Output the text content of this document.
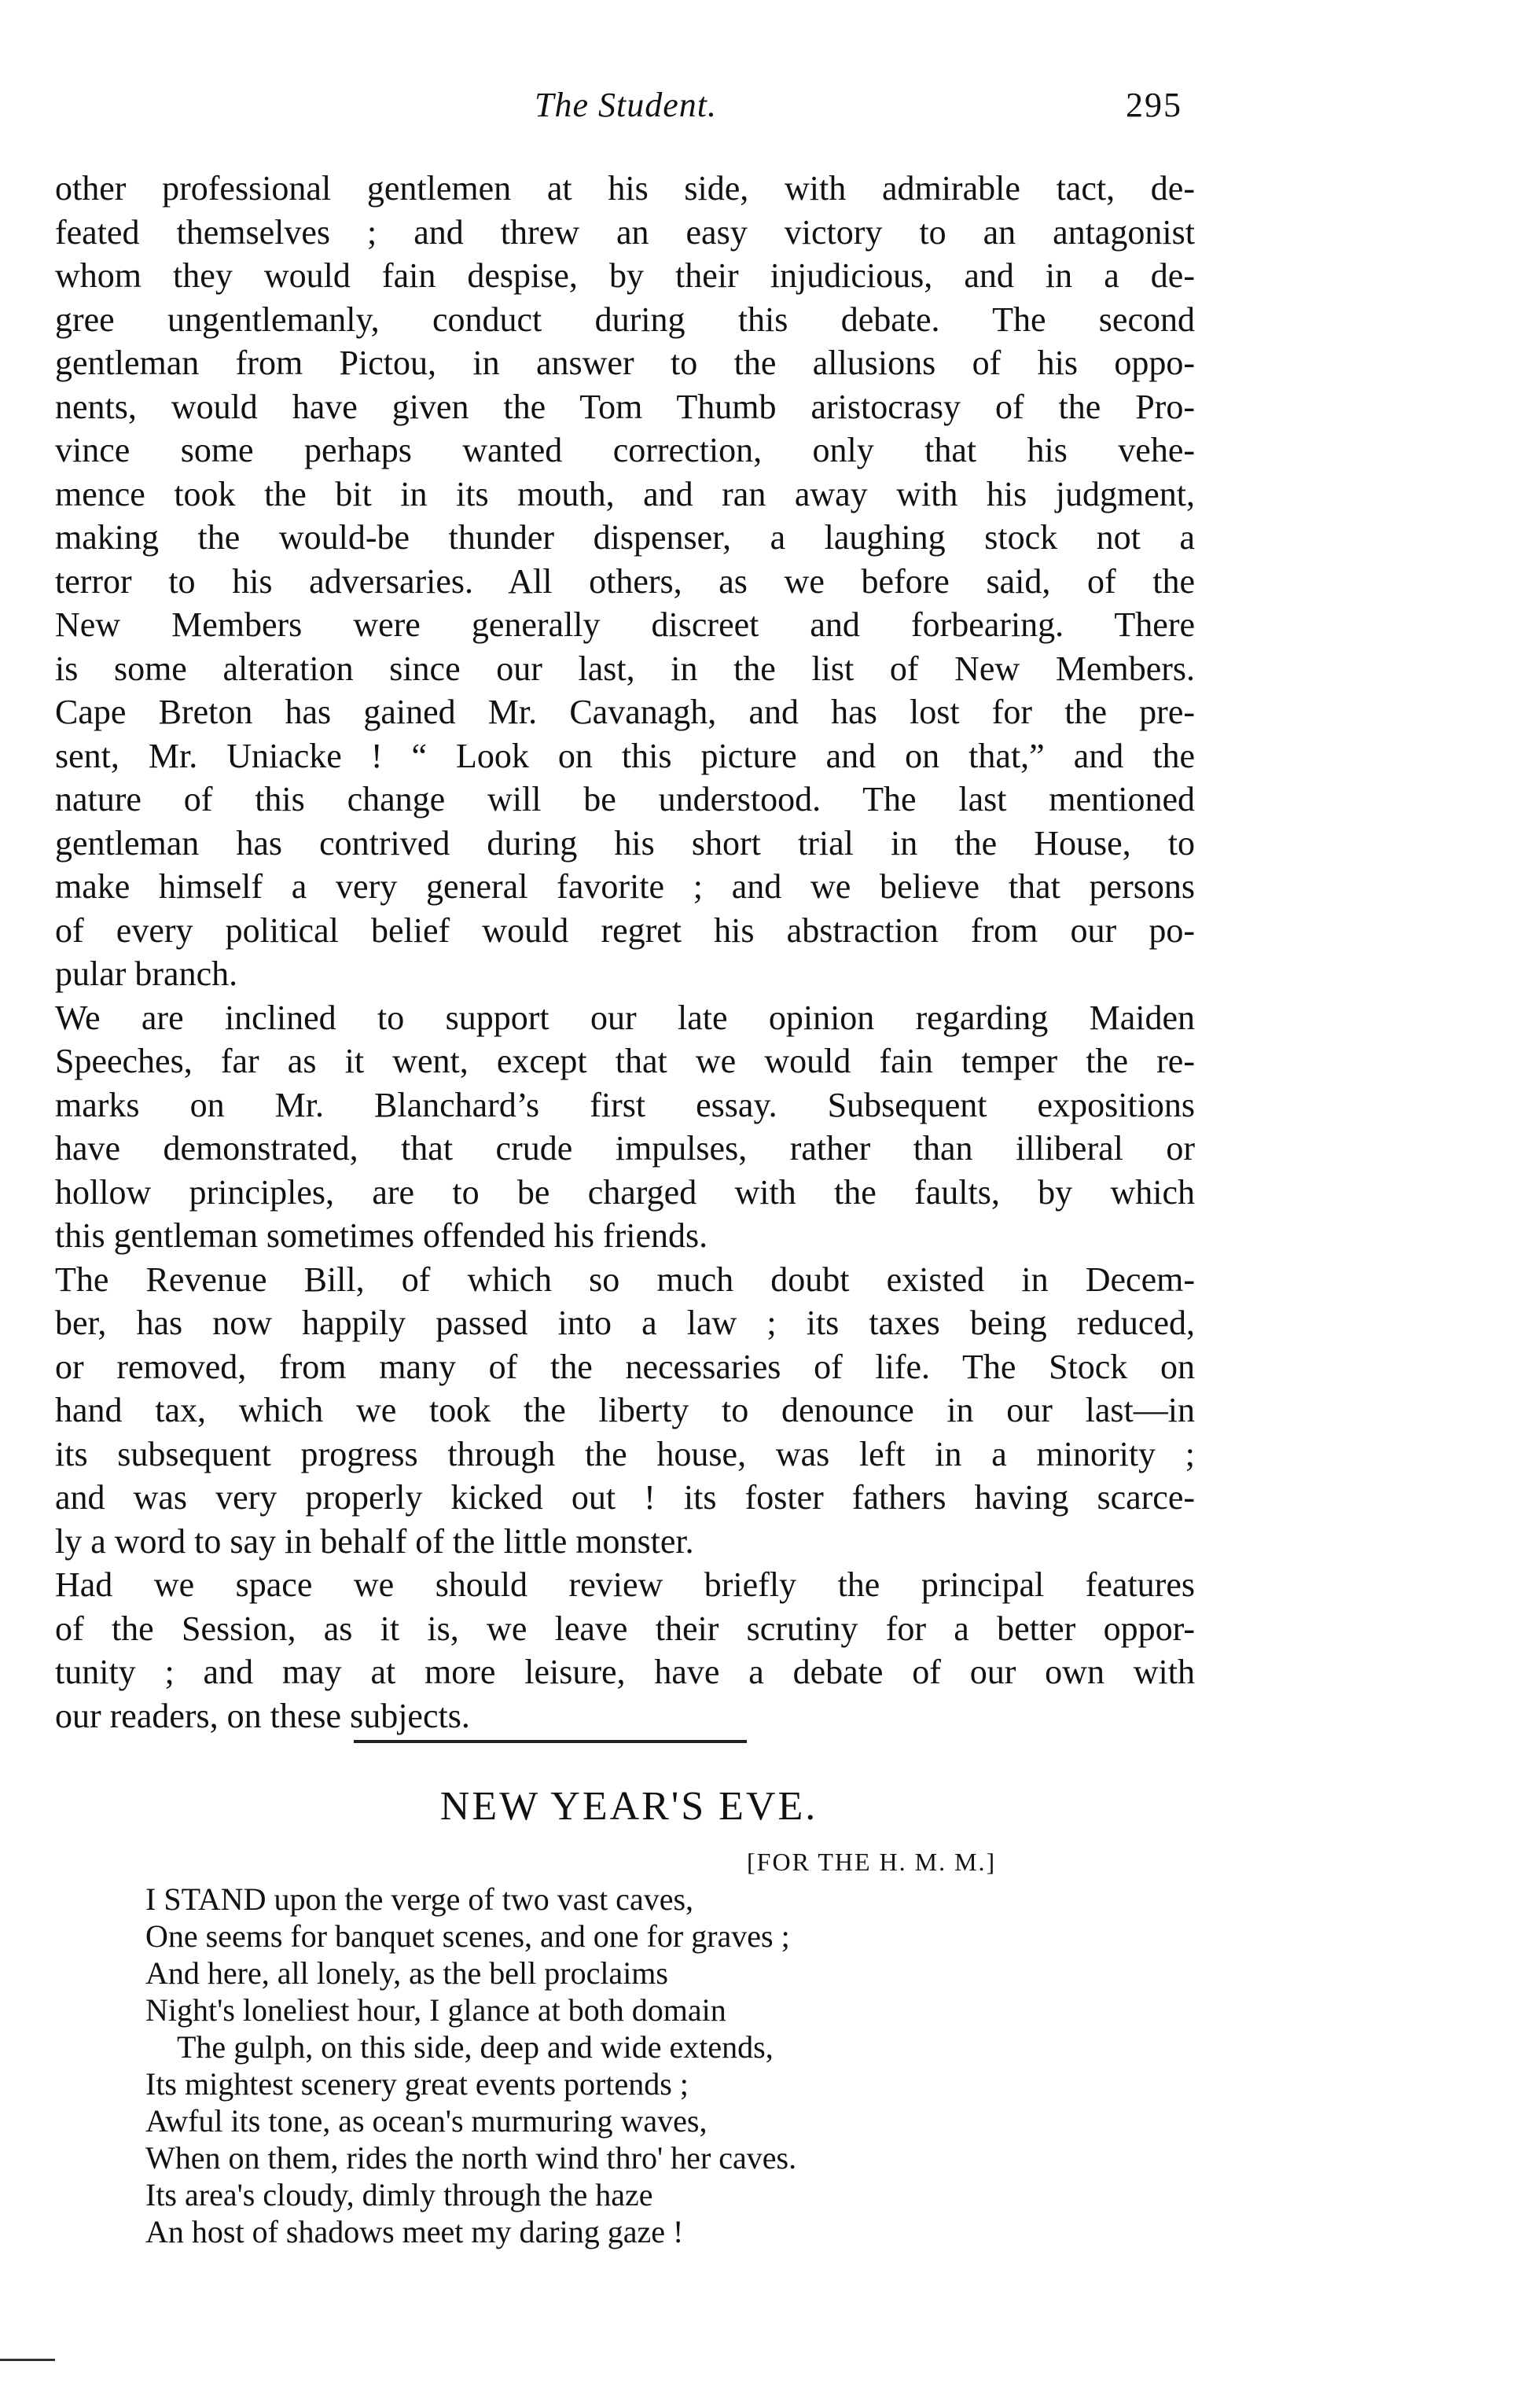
The Student.	295
other professional gentlemen at his side, with admirable tact, de-
feated themselves ; and threw an easy victory to an antagonist
whom they would fain despise, by their injudicious, and in a de-
gree ungentlemanly, conduct during this debate. The second
gentleman from Pictou, in answer to the allusions of his oppo-
nents, would have given the Tom Thumb aristocrasy of the Pro-
vince some perhaps wanted correction, only that his vehe-
mence took the bit in its mouth, and ran away with his judgment,
making the would-be thunder dispenser, a laughing stock not a
terror to his adversaries. All others, as we before said, of the
New Members were generally discreet and forbearing. There
is some alteration since our last, in the list of New Members.
Cape Breton has gained Mr. Cavanagh, and has lost for the pre-
sent, Mr. Uniacke ! “ Look on this picture and on that,” and the
nature of this change will be understood. The last mentioned
gentleman has contrived during his short trial in the House, to
make himself a very general favorite ; and we believe that persons
of every political belief would regret his abstraction from our po-
pular branch.
We are inclined to support our late opinion regarding Maiden
Speeches, far as it went, except that we would fain temper the re-
marks on Mr. Blanchard’s first essay. Subsequent expositions
have demonstrated, that crude impulses, rather than illiberal or
hollow principles, are to be charged with the faults, by which
this gentleman sometimes offended his friends.
The Revenue Bill, of which so much doubt existed in Decem-
ber, has now happily passed into a law ; its taxes being reduced,
or removed, from many of the necessaries of life. The Stock on
hand tax, which we took the liberty to denounce in our last—in
its subsequent progress through the house, was left in a minority ;
and was very properly kicked out ! its foster fathers having scarce-
ly a word to say in behalf of the little monster.
Had we space we should review briefly the principal features
of the Session, as it is, we leave their scrutiny for a better oppor-
tunity ; and may at more leisure, have a debate of our own with
our readers, on these subjects.
NEW YEAR'S EVE.
[FOR THE H. M. M.]
I STAND upon the verge of two vast caves,
One seems for banquet scenes, and one for graves ;
And here, all lonely, as the bell proclaims
Night's loneliest hour, I glance at both domain
The gulph, on this side, deep and wide extends,
Its mightest scenery great events portends ;
Awful its tone, as ocean's murmuring waves,
When on them, rides the north wind thro' her caves.
Its area's cloudy, dimly through the haze
An host of shadows meet my daring gaze !
